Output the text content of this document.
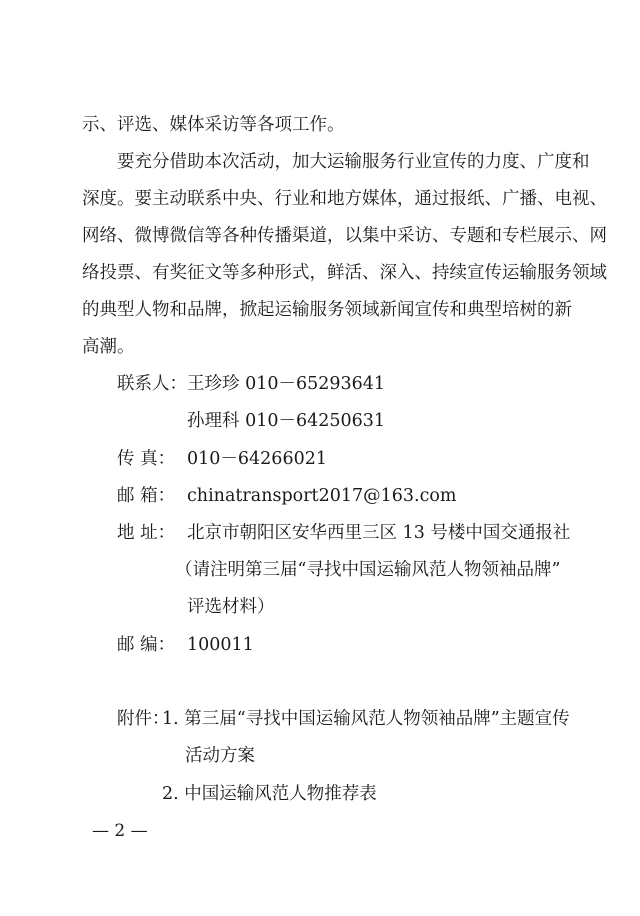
示、评选、媒体采访等各项工作。
要充分借助本次活动，加大运输服务行业宣传的力度、广度和
深度。要主动联系中央、行业和地方媒体，通过报纸、广播、电视、
网络、微博微信等各种传播渠道，以集中采访、专题和专栏展示、网
络投票、有奖征文等多种形式，鲜活、深入、持续宣传运输服务领域
的典型人物和品牌，掀起运输服务领域新闻宣传和典型培树的新
高潮。
联系人： 王珍珍 010－65293641
孙理科 010－64250631
传 真： 010－64266021
邮 箱： chinatransport2017@163.com
地 址： 北京市朝阳区安华西里三区 13 号楼中国交通报社
（请注明第三届“寻找中国运输风范人物领袖品牌”
评选材料）
邮 编： 100011
附件：
1. 第三届“寻找中国运输风范人物领袖品牌”主题宣传
活动方案
2. 中国运输风范人物推荐表
— 2 —
